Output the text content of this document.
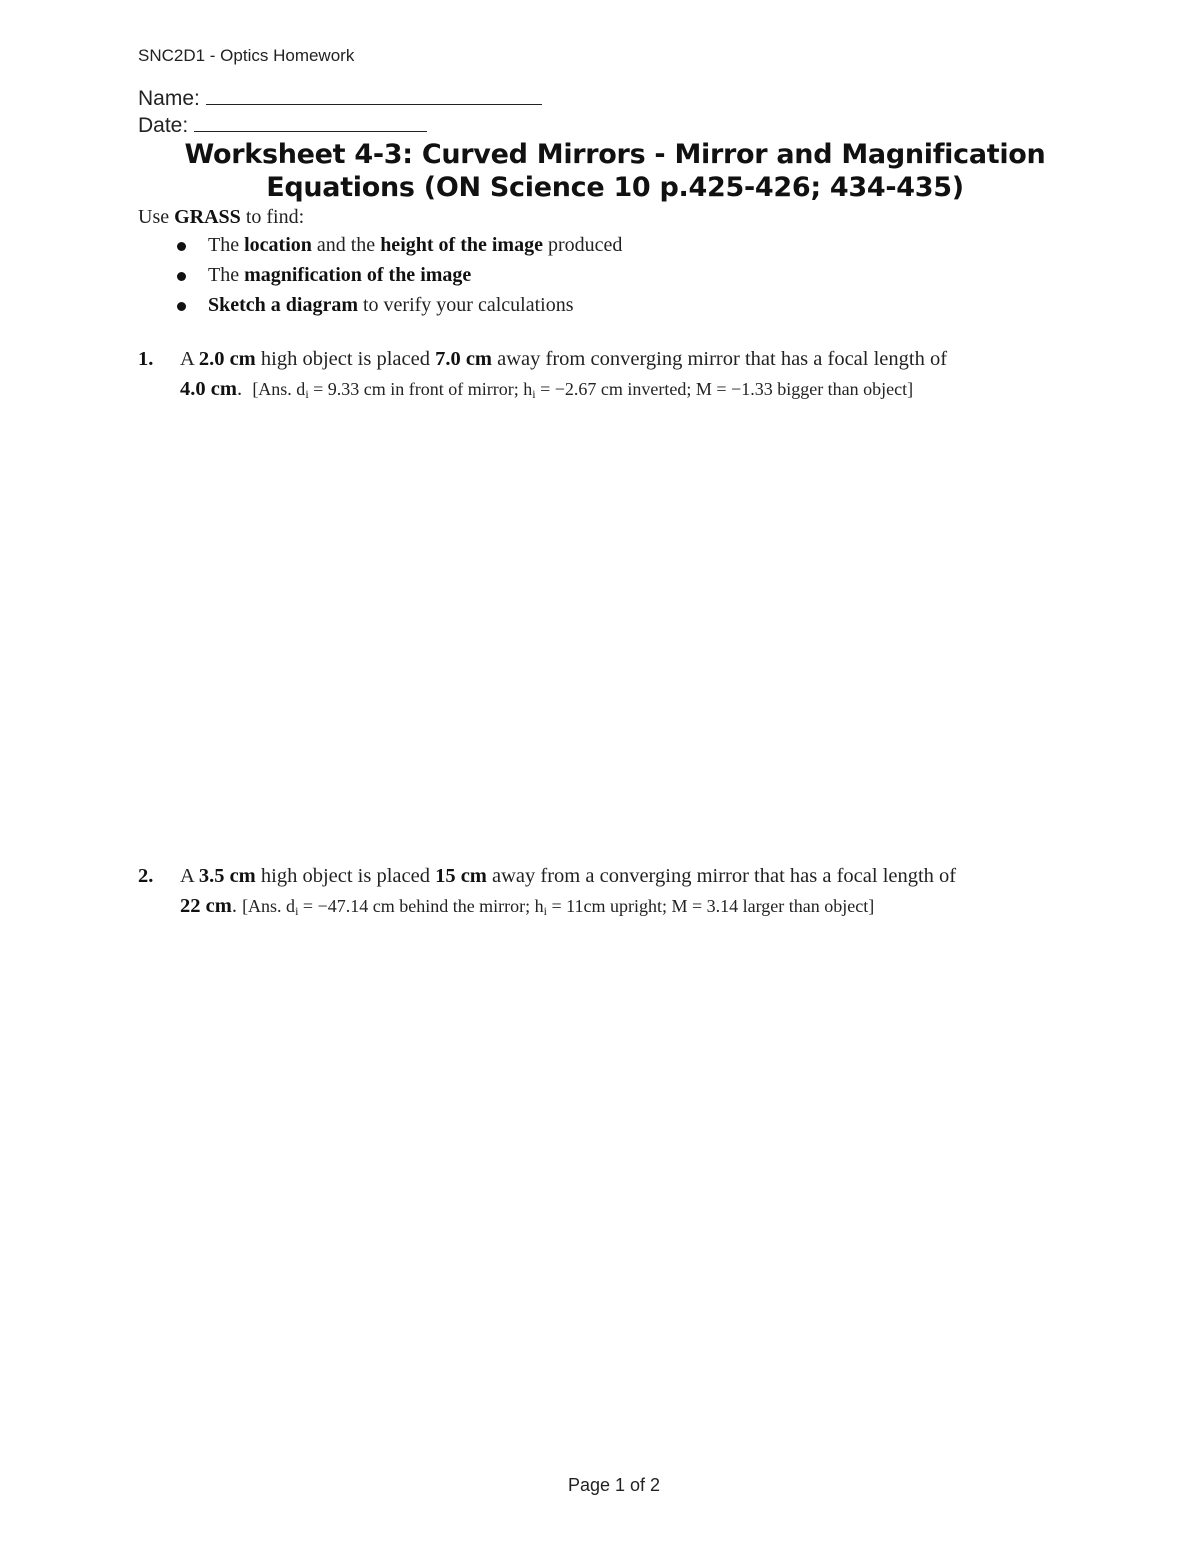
SNC2D1 - Optics Homework
Name:
Date:
Worksheet 4-3: Curved Mirrors - Mirror and Magnification
Equations (ON Science 10 p.425-426; 434-435)
Use GRASS to find:
The location and the height of the image produced
The magnification of the image
Sketch a diagram to verify your calculations
1. A 2.0 cm high object is placed 7.0 cm away from converging mirror that has a focal length of
4.0 cm.  [Ans. $d_i = 9.33$ cm in front of mirror; $h_i = -2.67$ cm inverted; M = −1.33 bigger than object]
2. A 3.5 cm high object is placed 15 cm away from a converging mirror that has a focal length of
22 cm. [Ans. $d_i = -47.14$ cm behind the mirror; $h_i = 11cm$ upright; M = 3.14 larger than object]
Page 1 of 2
